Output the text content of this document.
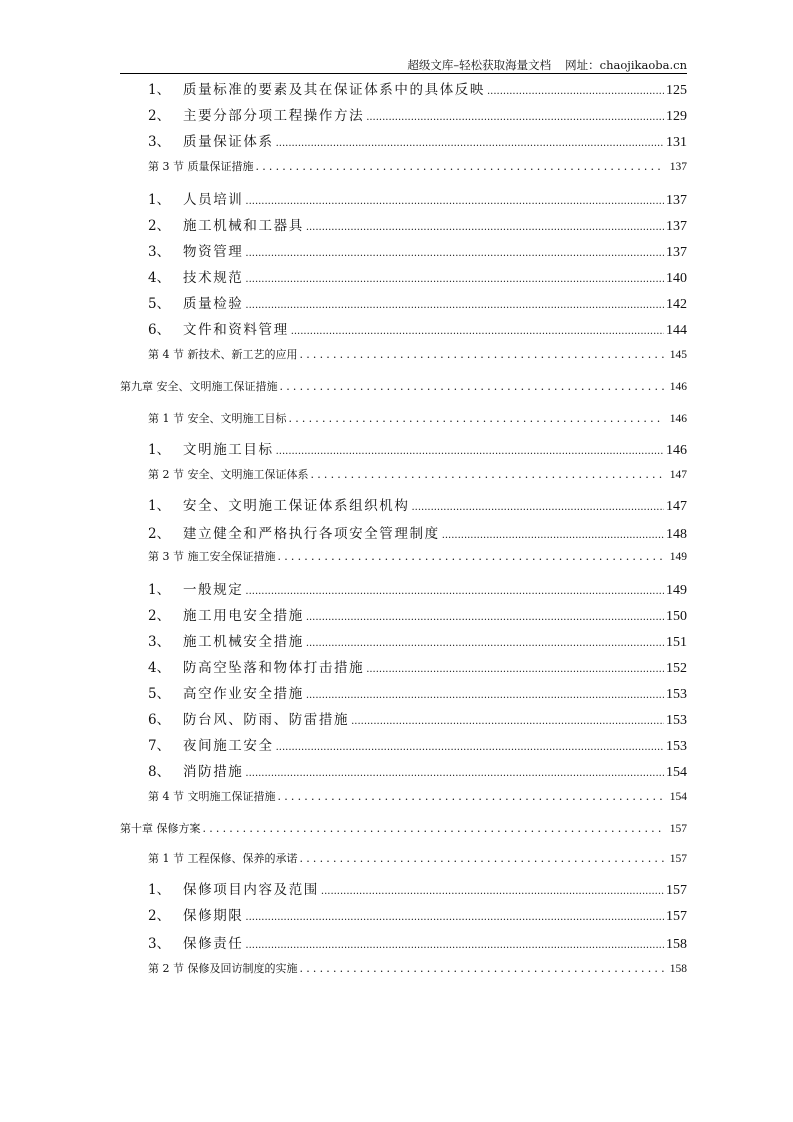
超级文库–轻松获取海量文档 网址：chaojikaoba.cn
1、 质量标准的要素及其在保证体系中的具体反映 .....	125
2、 主要分部分项工程操作方法 .....	129
3、 质量保证体系 .....	131
第 3 节 质量保证措施 .....	137
1、 人员培训 .....	137
2、 施工机械和工器具 .....	137
3、 物资管理 .....	137
4、 技术规范 .....	140
5、 质量检验 .....	142
6、 文件和资料管理 .....	144
第 4 节 新技术、新工艺的应用 .....	145
第九章 安全、文明施工保证措施 .....	146
第 1 节 安全、文明施工目标 .....	146
1、 文明施工目标 .....	146
第 2 节 安全、文明施工保证体系 .....	147
1、 安全、文明施工保证体系组织机构 .....	147
2、 建立健全和严格执行各项安全管理制度 .....	148
第 3 节 施工安全保证措施 .....	149
1、 一般规定 .....	149
2、 施工用电安全措施 .....	150
3、 施工机械安全措施 .....	151
4、 防高空坠落和物体打击措施 .....	152
5、 高空作业安全措施 .....	153
6、 防台风、防雨、防雷措施 .....	153
7、 夜间施工安全 .....	153
8、 消防措施 .....	154
第 4 节 文明施工保证措施 .....	154
第十章 保修方案 .....	157
第 1 节 工程保修、保养的承诺 .....	157
1、 保修项目内容及范围 .....	157
2、 保修期限 .....	157
3、 保修责任 .....	158
第 2 节 保修及回访制度的实施 .....	158
